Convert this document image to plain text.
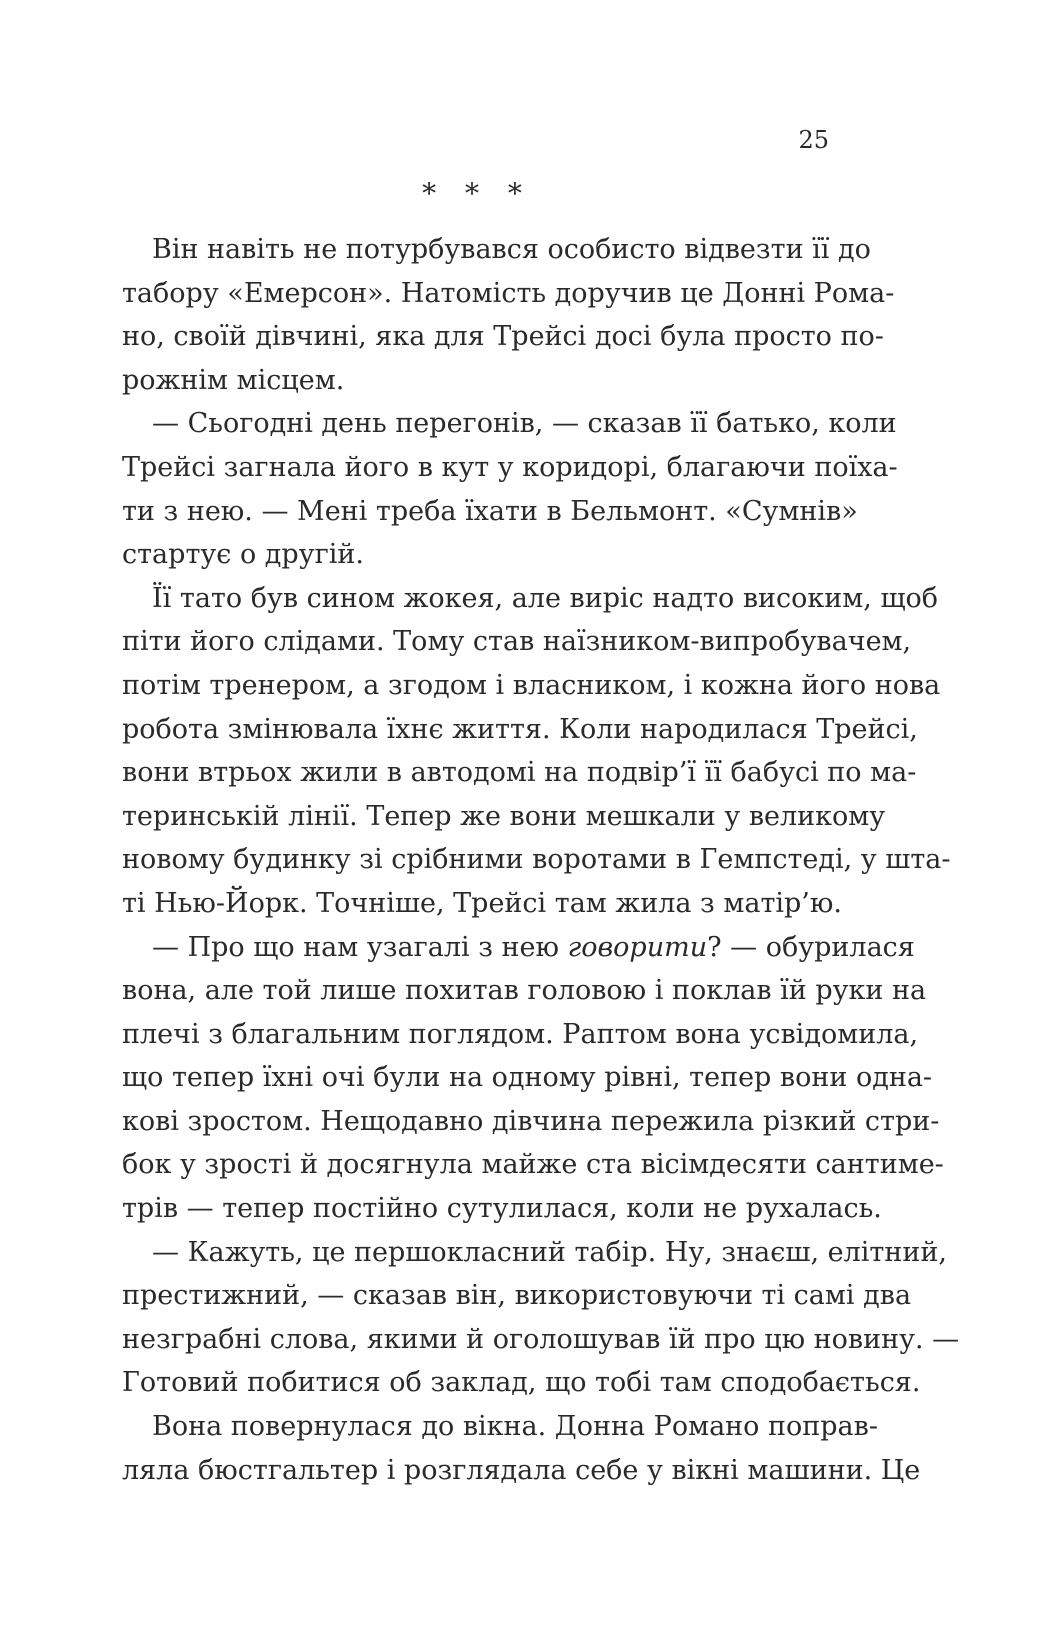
25
* * *
Він навіть не потурбувався особисто відвезти її до
табору «Емерсон». Натомість доручив це Донні Рома-
но, своїй дівчині, яка для Трейсі досі була просто по-
рожнім місцем.
— Сьогодні день перегонів, — сказав її батько, коли
Трейсі загнала його в кут у коридорі, благаючи поїха-
ти з нею. — Мені треба їхати в Бельмонт. «Сумнів»
стартує о другій.
Її тато був сином жокея, але виріс надто високим, щоб
піти його слідами. Тому став наїзником-випробувачем,
потім тренером, а згодом і власником, і кожна його нова
робота змінювала їхнє життя. Коли народилася Трейсі,
вони втрьох жили в автодомі на подвір’ї її бабусі по ма-
теринській лінії. Тепер же вони мешкали у великому
новому будинку зі срібними воротами в Гемпстеді, у шта-
ті Нью-Йорк. Точніше, Трейсі там жила з матір’ю.
— Про що нам узагалі з нею говорити? — обурилася
вона, але той лише похитав головою і поклав їй руки на
плечі з благальним поглядом. Раптом вона усвідомила,
що тепер їхні очі були на одному рівні, тепер вони одна-
кові зростом. Нещодавно дівчина пережила різкий стри-
бок у зрості й досягнула майже ста вісімдесяти сантиме-
трів — тепер постійно сутулилася, коли не рухалась.
— Кажуть, це першокласний табір. Ну, знаєш, елітний,
престижний, — сказав він, використовуючи ті самі два
незграбні слова, якими й оголошував їй про цю новину. —
Готовий побитися об заклад, що тобі там сподобається.
Вона повернулася до вікна. Донна Романо поправ-
ляла бюстгальтер і розглядала себе у вікні машини. Це
